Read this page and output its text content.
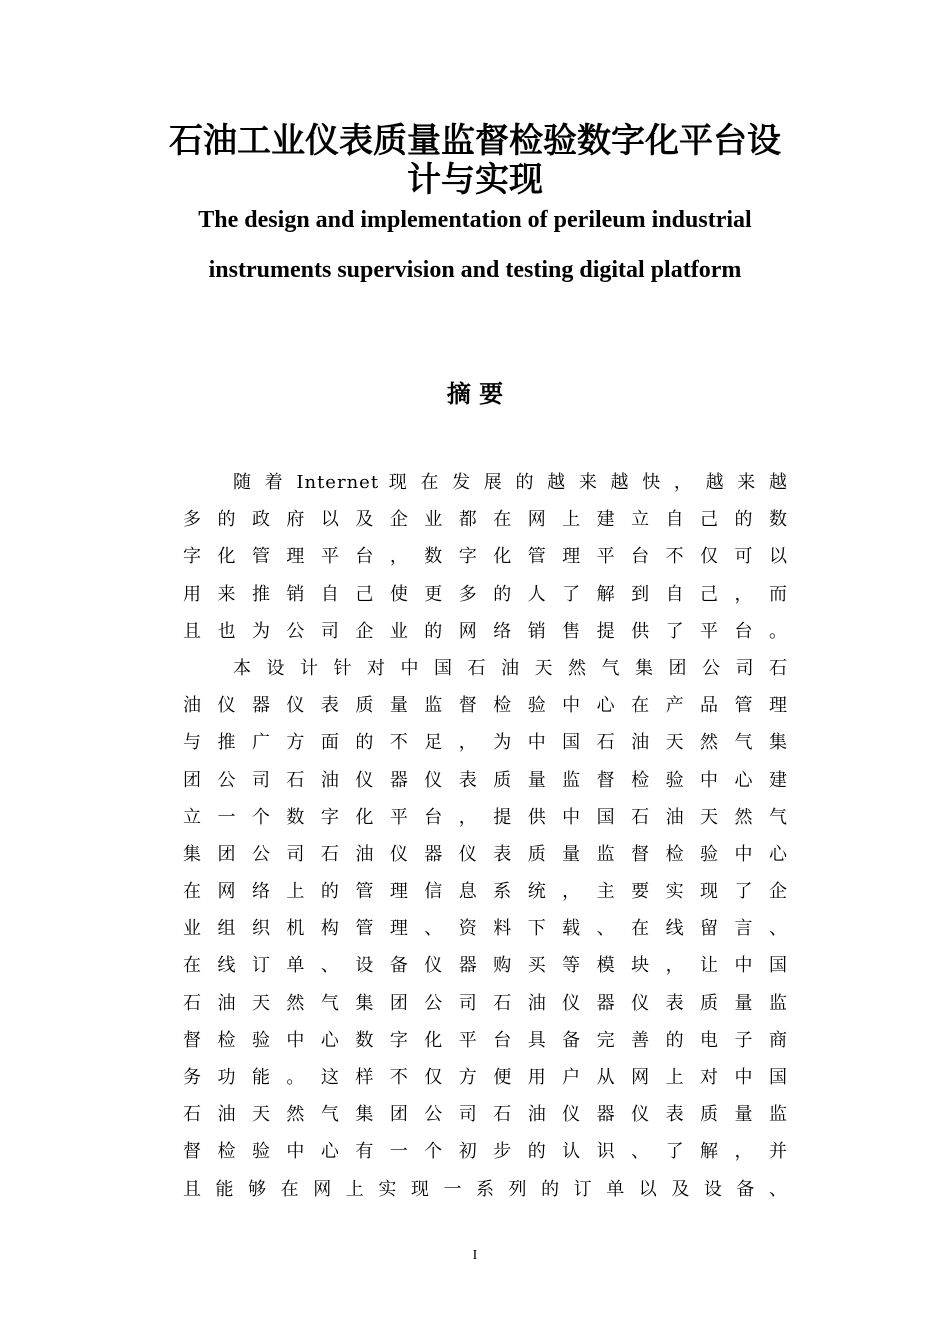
石油工业仪表质量监督检验数字化平台设
计与实现
The design and implementation of perileum industrial
instruments supervision and testing digital platform
摘 要
随 着 Internet 现 在 发 展 的 越 来 越 快 ， 越 来 越
多 的 政 府 以 及 企 业 都 在 网 上 建 立 自 己 的 数
字 化 管 理 平 台 ， 数 字 化 管 理 平 台 不 仅 可 以
用 来 推 销 自 己 使 更 多 的 人 了 解 到 自 己 ， 而
且 也 为 公 司 企 业 的 网 络 销 售 提 供 了 平 台 。
本 设 计 针 对 中 国 石 油 天 然 气 集 团 公 司 石
油 仪 器 仪 表 质 量 监 督 检 验 中 心 在 产 品 管 理
与 推 广 方 面 的 不 足 ， 为 中 国 石 油 天 然 气 集
团 公 司 石 油 仪 器 仪 表 质 量 监 督 检 验 中 心 建
立 一 个 数 字 化 平 台 ， 提 供 中 国 石 油 天 然 气
集 团 公 司 石 油 仪 器 仪 表 质 量 监 督 检 验 中 心
在 网 络 上 的 管 理 信 息 系 统 ， 主 要 实 现 了 企
业 组 织 机 构 管 理 、 资 料 下 载 、 在 线 留 言 、
在 线 订 单 、 设 备 仪 器 购 买 等 模 块 ， 让 中 国
石 油 天 然 气 集 团 公 司 石 油 仪 器 仪 表 质 量 监
督 检 验 中 心 数 字 化 平 台 具 备 完 善 的 电 子 商
务 功 能 。 这 样 不 仅 方 便 用 户 从 网 上 对 中 国
石 油 天 然 气 集 团 公 司 石 油 仪 器 仪 表 质 量 监
督 检 验 中 心 有 一 个 初 步 的 认 识 、 了 解 ， 并
且 能 够 在 网 上 实 现 一 系 列 的 订 单 以 及 设 备 、
I
